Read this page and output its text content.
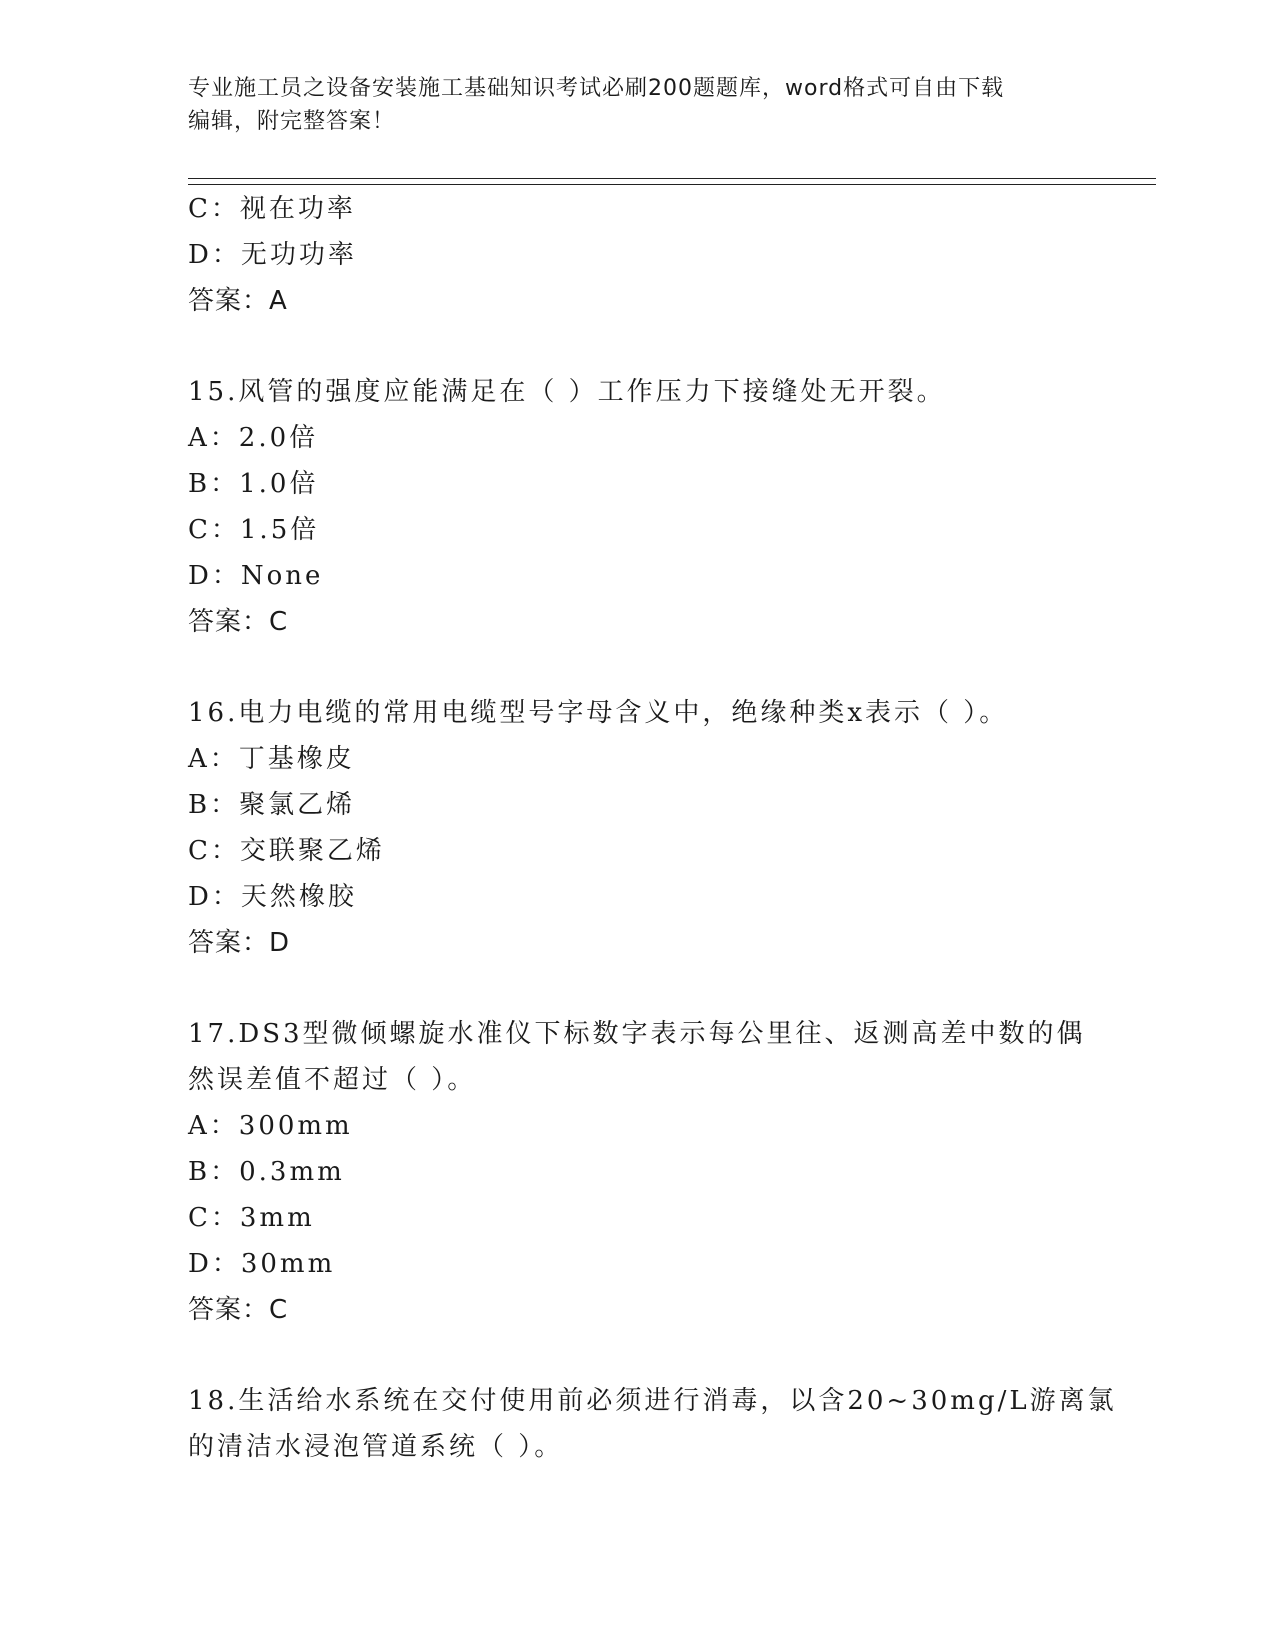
专业施工员之设备安装施工基础知识考试必刷200题题库，word格式可自由下载
编辑，附完整答案！
C：视在功率
D：无功功率
答案：A
15.风管的强度应能满足在（ ）工作压力下接缝处无开裂。
A：2.0倍
B：1.0倍
C：1.5倍
D：None
答案：C
16.电力电缆的常用电缆型号字母含义中，绝缘种类x表示（ ）。
A：丁基橡皮
B：聚氯乙烯
C：交联聚乙烯
D：天然橡胶
答案：D
17.DS3型微倾螺旋水准仪下标数字表示每公里往、返测高差中数的偶
然误差值不超过（ ）。
A：300mm
B：0.3mm
C：3mm
D：30mm
答案：C
18.生活给水系统在交付使用前必须进行消毒，以含20~30mg/L游离氯
的清洁水浸泡管道系统（ ）。
